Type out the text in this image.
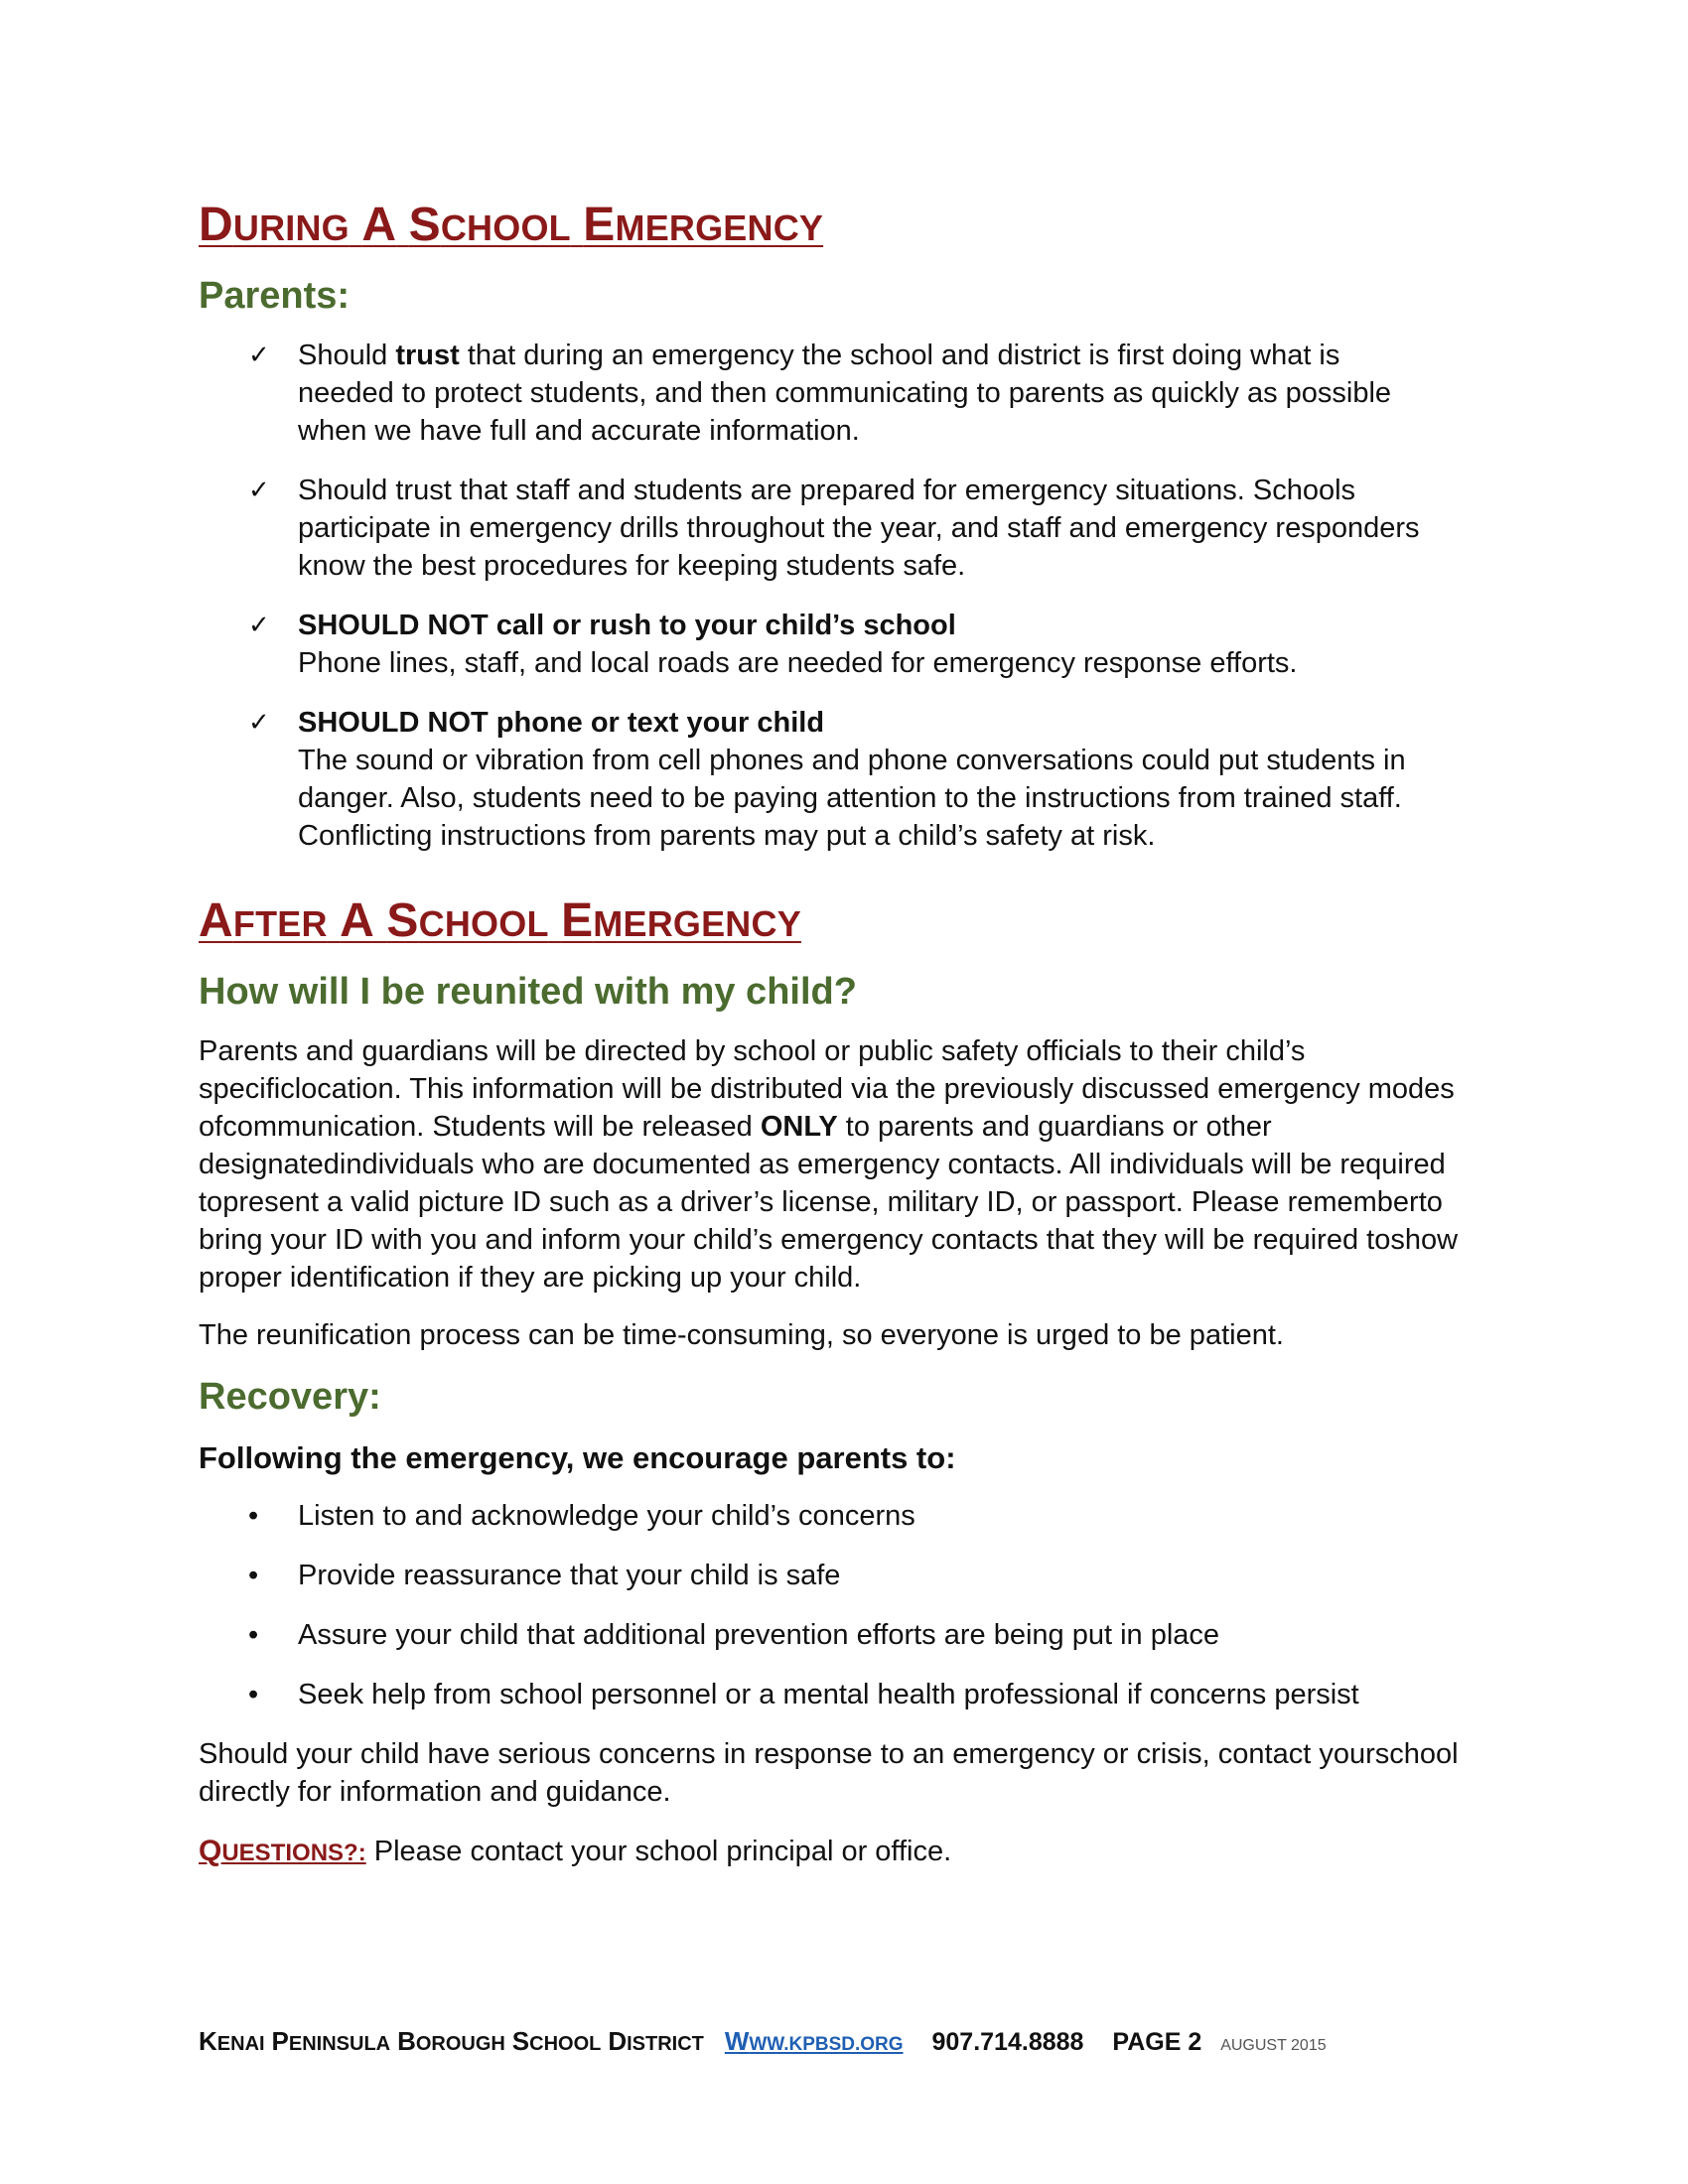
DURING A SCHOOL EMERGENCY
Parents:
✓ Should trust that during an emergency the school and district is first doing what is
needed to protect students, and then communicating to parents as quickly as possible
when we have full and accurate information.
✓ Should trust that staff and students are prepared for emergency situations. Schools
participate in emergency drills throughout the year, and staff and emergency responders
know the best procedures for keeping students safe.
✓ SHOULD NOT call or rush to your child’s school
Phone lines, staff, and local roads are needed for emergency response efforts.
✓ SHOULD NOT phone or text your child
The sound or vibration from cell phones and phone conversations could put students in
danger. Also, students need to be paying attention to the instructions from trained staff.
Conflicting instructions from parents may put a child’s safety at risk.
AFTER A SCHOOL EMERGENCY
How will I be reunited with my child?

Parents and guardians will be directed by school or public safety officials to their child’s specificlocation. This information will be distributed via the previously discussed emergency modes ofcommunication. Students will be released ONLY to parents and guardians or other designatedindividuals who are documented as emergency contacts. All individuals will be required topresent a valid picture ID such as a driver’s license, military ID, or passport. Please rememberto bring your ID with you and inform your child’s emergency contacts that they will be required toshow proper identification if they are picking up your child.

The reunification process can be time-consuming, so everyone is urged to be patient.

Recovery:

Following the emergency, we encourage parents to:

• Listen to and acknowledge your child’s concerns
• Provide reassurance that your child is safe
• Assure your child that additional prevention efforts are being put in place
• Seek help from school personnel or a mental health professional if concerns persist

Should your child have serious concerns in response to an emergency or crisis, contact yourschool directly for information and guidance.

QUESTIONS?: Please contact your school principal or office.

KENAI PENINSULA BOROUGH SCHOOL DISTRICT WWW.KPBSD.ORG 907.714.8888 PAGE 2 AUGUST 2015
